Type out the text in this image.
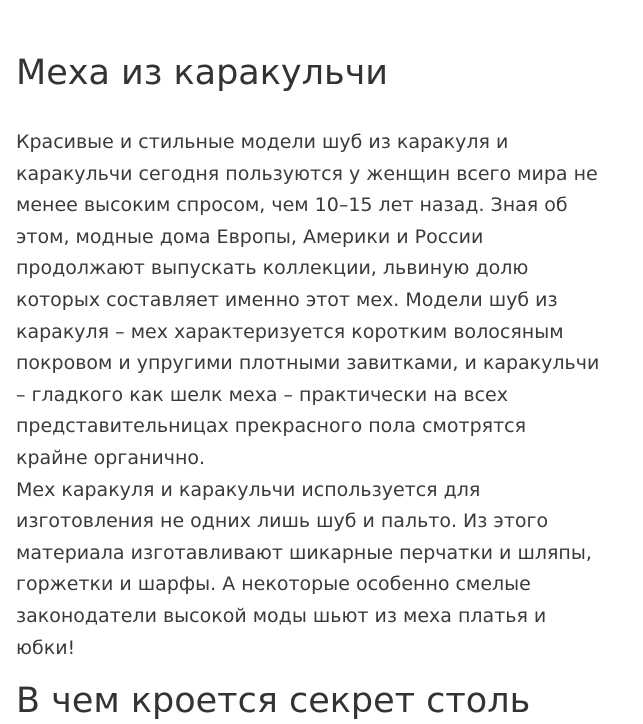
Меха из каракульчи
Красивые и стильные модели шуб из каракуля и
каракульчи сегодня пользуются у женщин всего мира не
менее высоким спросом, чем 10–15 лет назад. Зная об
этом, модные дома Европы, Америки и России
продолжают выпускать коллекции, львиную долю
которых составляет именно этот мех. Модели шуб из
каракуля – мех характеризуется коротким волосяным
покровом и упругими плотными завитками, и каракульчи
– гладкого как шелк меха – практически на всех
представительницах прекрасного пола смотрятся
крайне органично.
Мех каракуля и каракульчи используется для
изготовления не одних лишь шуб и пальто. Из этого
материала изготавливают шикарные перчатки и шляпы,
горжетки и шарфы. А некоторые особенно смелые
законодатели высокой моды шьют из меха платья и
юбки!
В чем кроется секрет столь
